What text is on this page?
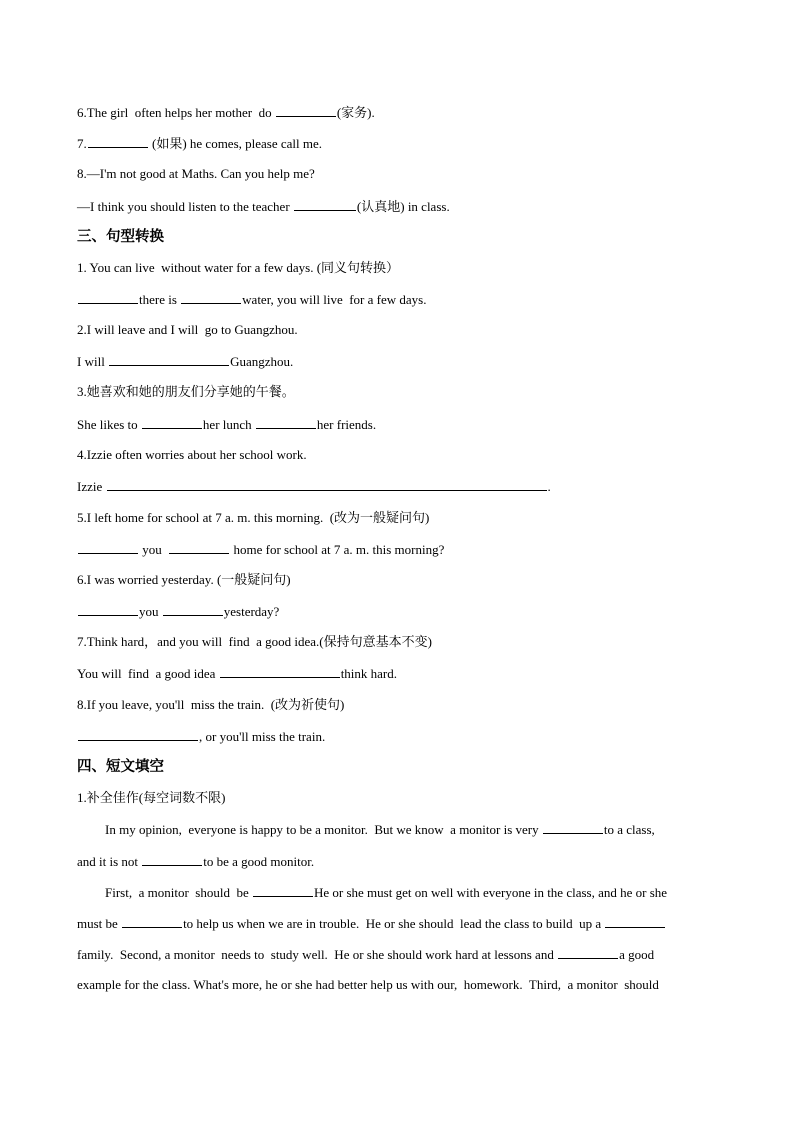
6.The girl  often helps her mother  do	(家务).
7.	(如果) he comes, please call me.
8.—I'm not good at Maths. Can you help me?
—I think you should listen to the teacher	(认真地) in class.
三、句型转换
1. You can live  without water for a few days. (同义句转换）
there is	water, you will live  for a few days.
2.I will leave and I will  go to Guangzhou.
I will	Guangzhou.
3.她喜欢和她的朋友们分享她的午餐。
She likes to	her lunch	her friends.
4.Izzie often worries about her school work.
Izzie	.
5.I left home for school at 7 a. m. this morning.  (改为一般疑问句)
you	home for school at 7 a. m. this morning?
6.I was worried yesterday. (一般疑问句)
you	yesterday?
7.Think hard，and you will  find  a good idea.(保持句意基本不变)
You will  find  a good idea	think hard.
8.If you leave, you'll  miss the train.  (改为祈使句)
, or you'll miss the train.
四、短文填空
1.补全佳作(每空词数不限)
In my opinion,  everyone is happy to be a monitor.  But we know  a monitor is very	to a class,
and it is not	to be a good monitor.
First,  a monitor  should  be	He or she must get on well with everyone in the class, and he or she
must be	to help us when we are in trouble.  He or she should  lead the class to build  up a
family.  Second, a monitor  needs to  study well.  He or she should work hard at lessons and	a good
example for the class. What's more, he or she had better help us with our,  homework.  Third,  a monitor  should
